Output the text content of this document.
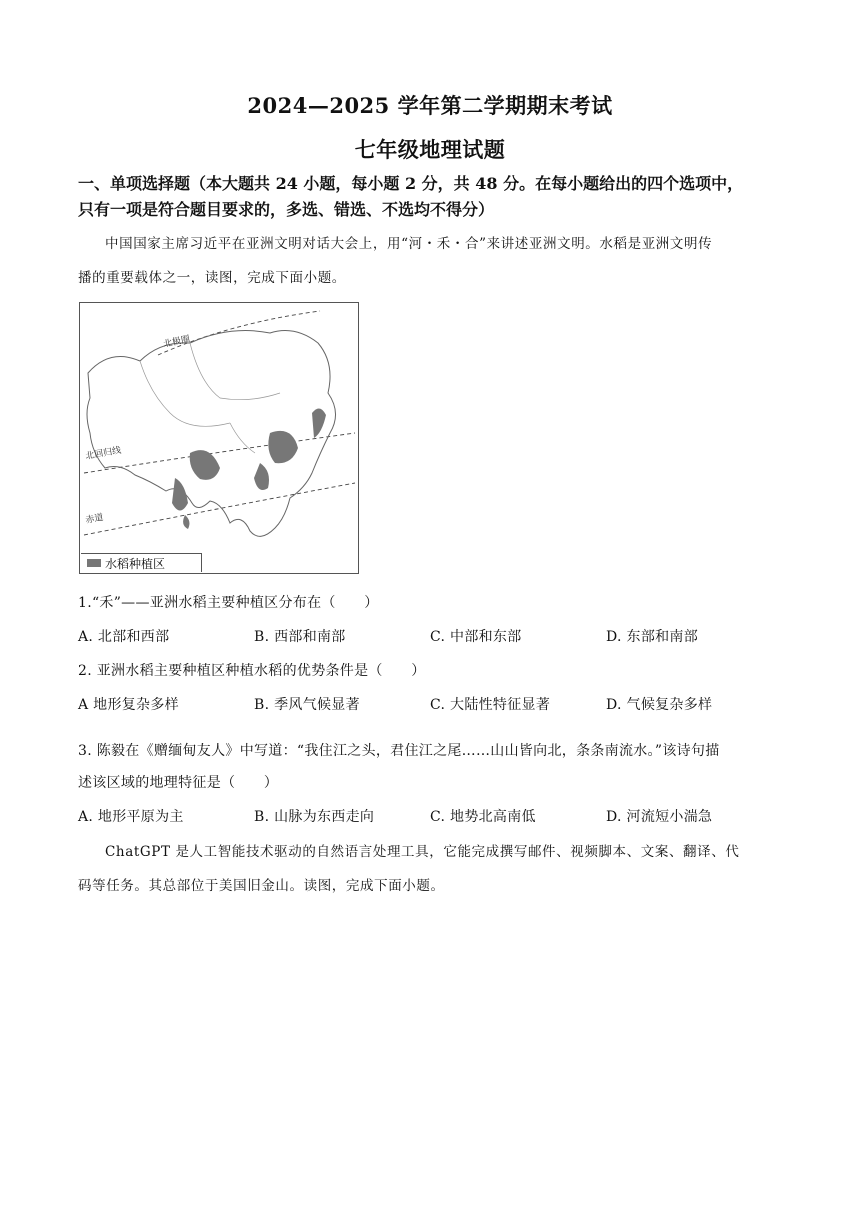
2024—2025 学年第二学期期末考试
七年级地理试题
一、单项选择题（本大题共 24 小题，每小题 2 分，共 48 分。在每小题给出的四个选项中，
只有一项是符合题目要求的，多选、错选、不选均不得分）
中国国家主席习近平在亚洲文明对话大会上，用“河・禾・合”来讲述亚洲文明。水稻是亚洲文明传
播的重要载体之一，读图，完成下面小题。
北极圈
北回归线
赤道
水稻种植区
1.“禾”——亚洲水稻主要种植区分布在（　　）
A. 北部和西部	B. 西部和南部	C. 中部和东部	D. 东部和南部
2. 亚洲水稻主要种植区种植水稻的优势条件是（　　）
A 地形复杂多样	B. 季风气候显著	C. 大陆性特征显著	D. 气候复杂多样
3. 陈毅在《赠缅甸友人》中写道：“我住江之头，君住江之尾……山山皆向北，条条南流水。”该诗句描
述该区域的地理特征是（　　）
A. 地形平原为主	B. 山脉为东西走向	C. 地势北高南低	D. 河流短小湍急
ChatGPT 是人工智能技术驱动的自然语言处理工具，它能完成撰写邮件、视频脚本、文案、翻译、代
码等任务。其总部位于美国旧金山。读图，完成下面小题。
